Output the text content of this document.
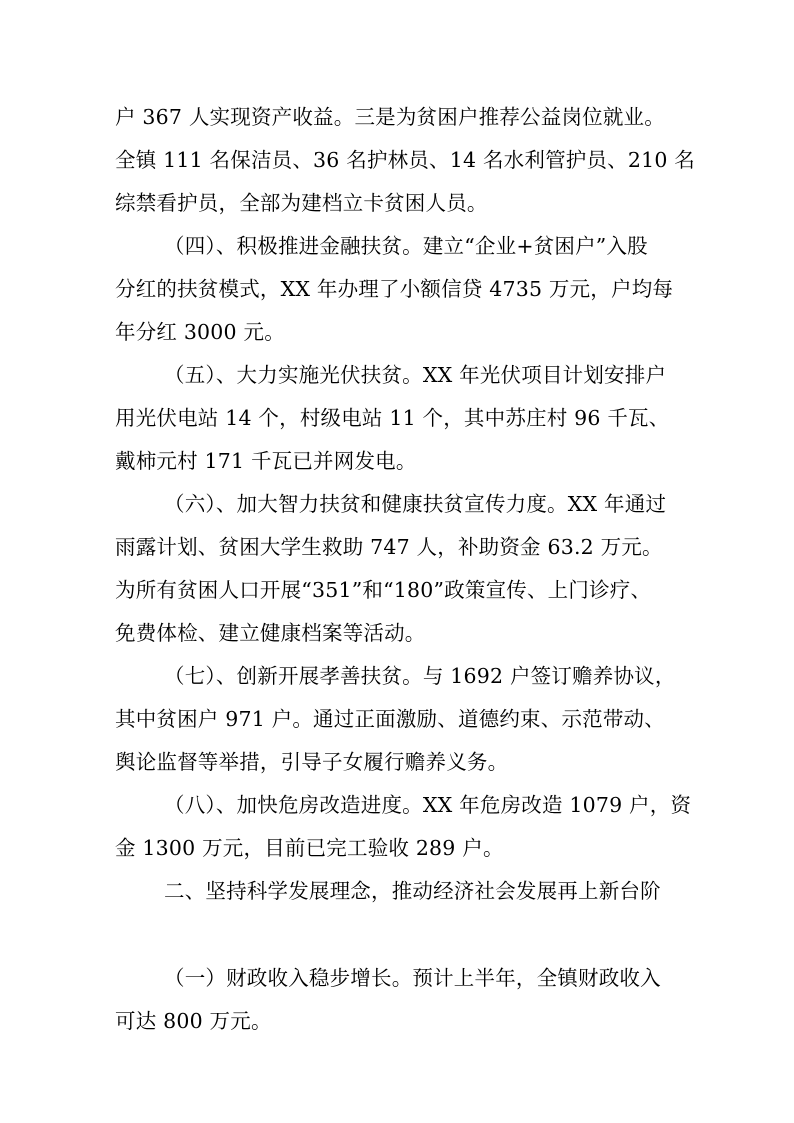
户 367 人实现资产收益。三是为贫困户推荐公益岗位就业。

全镇 111 名保洁员、36 名护林员、14 名水利管护员、210 名

综禁看护员，全部为建档立卡贫困人员。

（四）、积极推进金融扶贫。建立“企业+贫困户”入股

分红的扶贫模式，XX 年办理了小额信贷 4735 万元，户均每

年分红 3000 元。

（五）、大力实施光伏扶贫。XX 年光伏项目计划安排户

用光伏电站 14 个，村级电站 11 个，其中苏庄村 96 千瓦、

戴柿元村 171 千瓦已并网发电。

（六）、加大智力扶贫和健康扶贫宣传力度。XX 年通过

雨露计划、贫困大学生救助 747 人，补助资金 63.2 万元。

为所有贫困人口开展“351”和“180”政策宣传、上门诊疗、

免费体检、建立健康档案等活动。

（七）、创新开展孝善扶贫。与 1692 户签订赡养协议，

其中贫困户 971 户。通过正面激励、道德约束、示范带动、

舆论监督等举措，引导子女履行赡养义务。

（八）、加快危房改造进度。XX 年危房改造 1079 户，资

金 1300 万元，目前已完工验收 289 户。

二、坚持科学发展理念，推动经济社会发展再上新台阶

（一）财政收入稳步增长。预计上半年，全镇财政收入

可达 800 万元。
